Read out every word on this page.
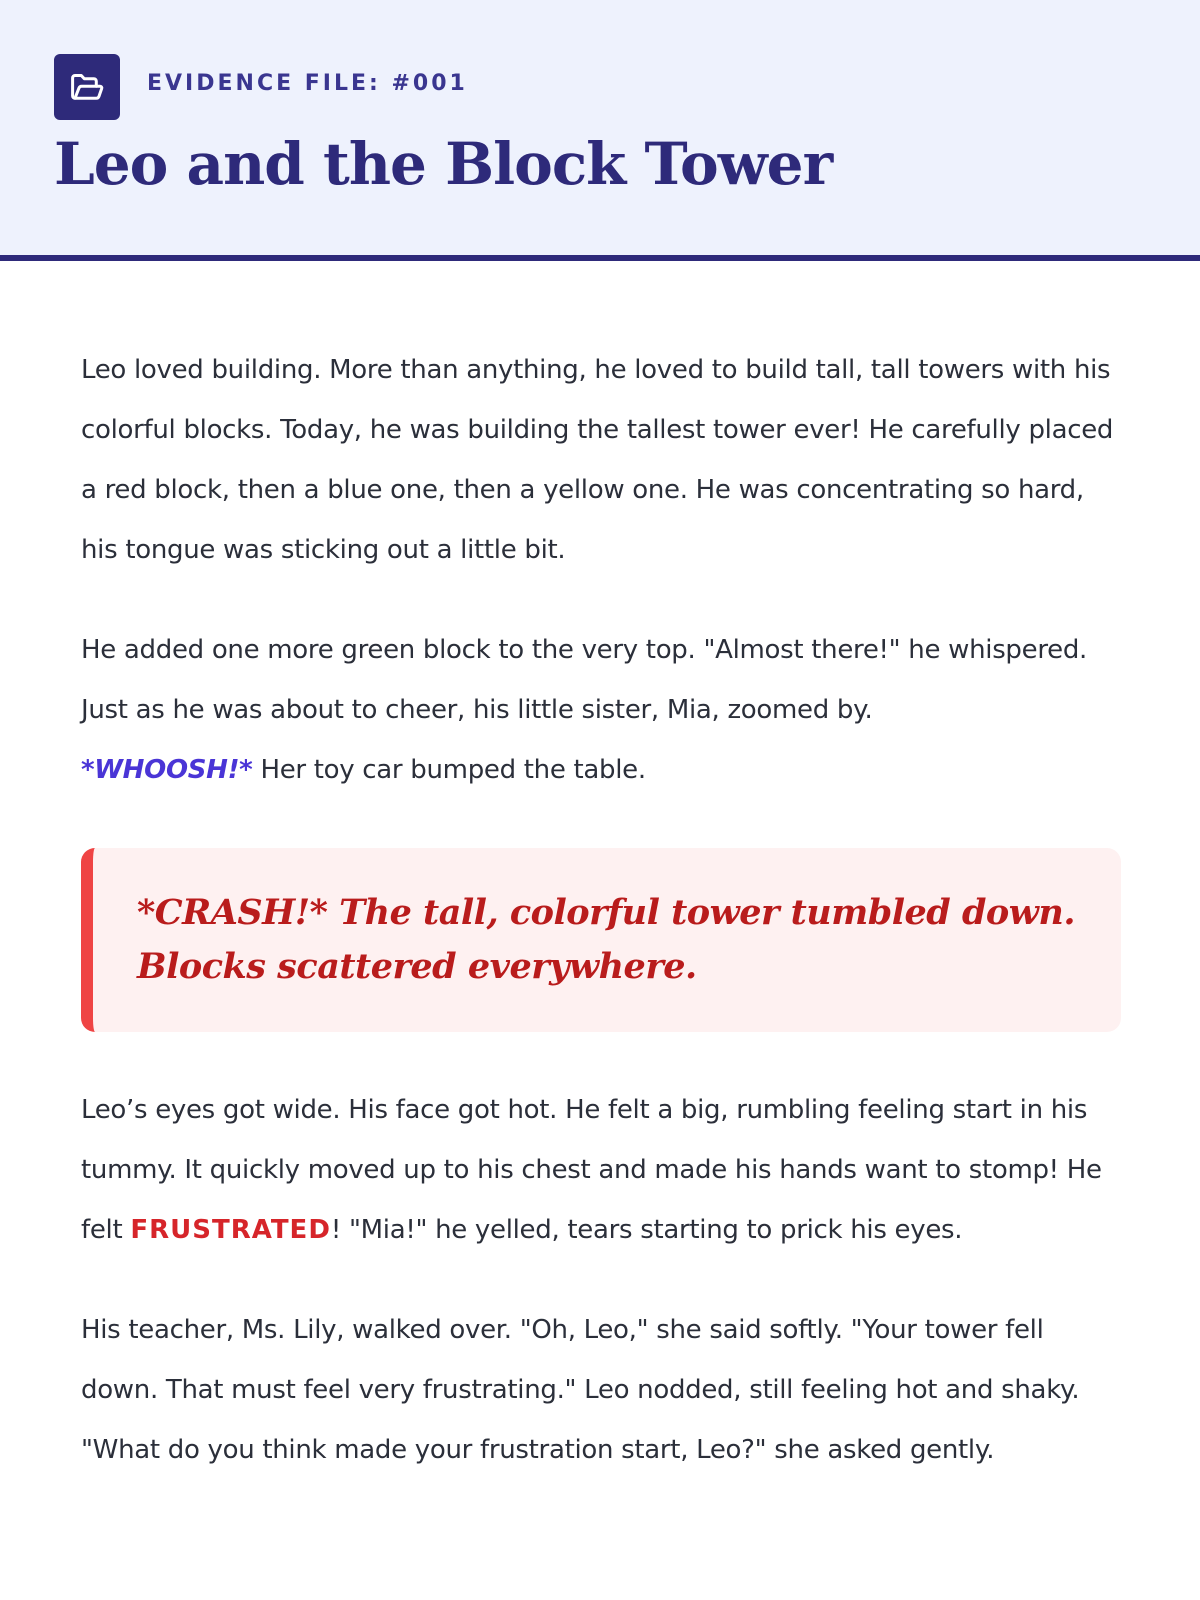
EVIDENCE FILE: #001
Leo and the Block Tower

Leo loved building. More than anything, he loved to build tall, tall towers with his colorful blocks. Today, he was building the tallest tower ever! He carefully placed a red block, then a blue one, then a yellow one. He was concentrating so hard, his tongue was sticking out a little bit.

He added one more green block to the very top. "Almost there!" he whispered. Just as he was about to cheer, his little sister, Mia, zoomed by.
*WHOOSH!* Her toy car bumped the table.

*CRASH!* The tall, colorful tower tumbled down. Blocks scattered everywhere.

Leo’s eyes got wide. His face got hot. He felt a big, rumbling feeling start in his tummy. It quickly moved up to his chest and made his hands want to stomp! He felt FRUSTRATED! "Mia!" he yelled, tears starting to prick his eyes.

His teacher, Ms. Lily, walked over. "Oh, Leo," she said softly. "Your tower fell down. That must feel very frustrating." Leo nodded, still feeling hot and shaky. "What do you think made your frustration start, Leo?" she asked gently.
